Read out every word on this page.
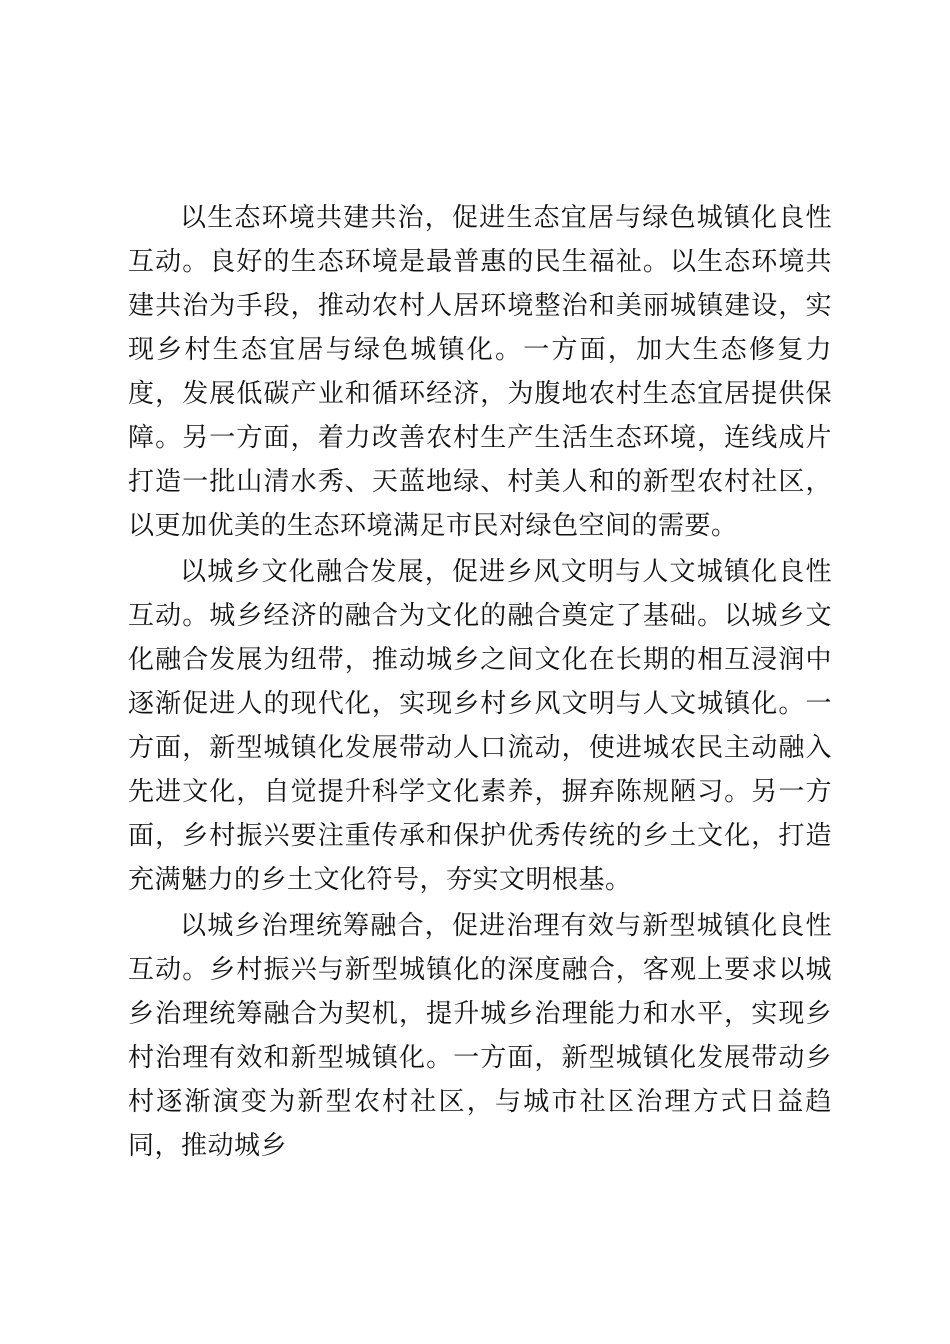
以生态环境共建共治，促进生态宜居与绿色城镇化良性互动。良好的生态环境是最普惠的民生福祉。以生态环境共建共治为手段，推动农村人居环境整治和美丽城镇建设，实现乡村生态宜居与绿色城镇化。一方面，加大生态修复力度，发展低碳产业和循环经济，为腹地农村生态宜居提供保障。另一方面，着力改善农村生产生活生态环境，连线成片打造一批山清水秀、天蓝地绿、村美人和的新型农村社区，以更加优美的生态环境满足市民对绿色空间的需要。

以城乡文化融合发展，促进乡风文明与人文城镇化良性互动。城乡经济的融合为文化的融合奠定了基础。以城乡文化融合发展为纽带，推动城乡之间文化在长期的相互浸润中逐渐促进人的现代化，实现乡村乡风文明与人文城镇化。一方面，新型城镇化发展带动人口流动，使进城农民主动融入先进文化，自觉提升科学文化素养，摒弃陈规陋习。另一方面，乡村振兴要注重传承和保护优秀传统的乡土文化，打造充满魅力的乡土文化符号，夯实文明根基。

以城乡治理统筹融合，促进治理有效与新型城镇化良性互动。乡村振兴与新型城镇化的深度融合，客观上要求以城乡治理统筹融合为契机，提升城乡治理能力和水平，实现乡村治理有效和新型城镇化。一方面，新型城镇化发展带动乡村逐渐演变为新型农村社区，与城市社区治理方式日益趋同，推动城乡
